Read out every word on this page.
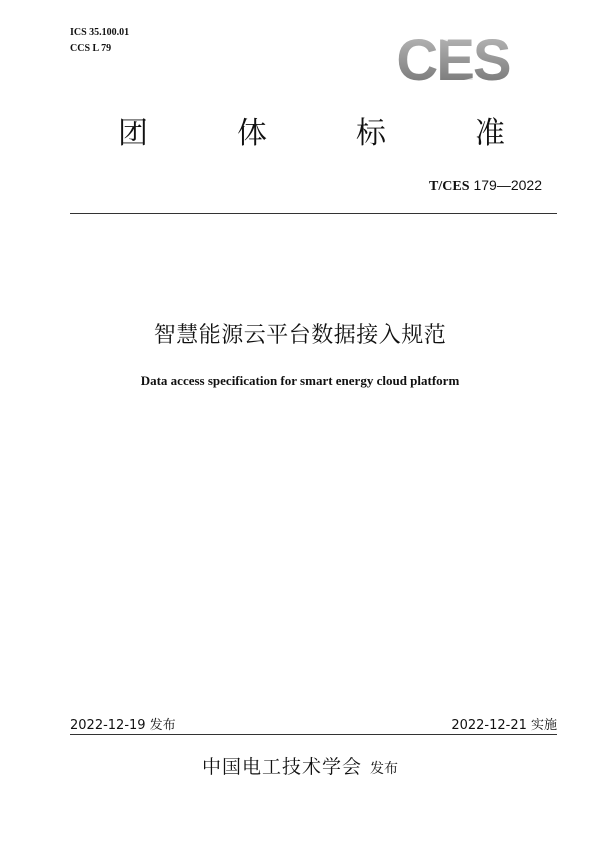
ICS 35.100.01
CCS L 79	CES
团	体	标	准
T/CES 179—2022
智慧能源云平台数据接入规范
Data access specification for smart energy cloud platform
2022-12-19 发布	2022-12-21 实施
中国电工技术学会 发布
